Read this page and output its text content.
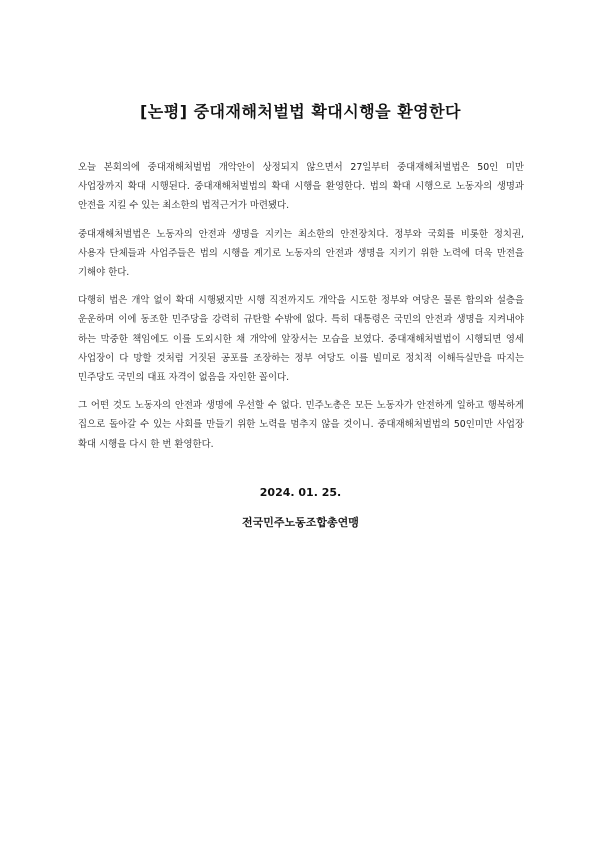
[논평] 중대재해처벌법 확대시행을 환영한다

오늘 본회의에 중대재해처벌법 개악안이 상정되지 않으면서 27일부터 중대재해처벌법은 50인 미만 사업장까지 확대 시행된다. 중대재해처벌법의 확대 시행을 환영한다. 법의 확대 시행으로 노동자의 생명과 안전을 지킬 수 있는 최소한의 법적근거가 마련됐다.

중대재해처벌법은 노동자의 안전과 생명을 지키는 최소한의 안전장치다. 정부와 국회를 비롯한 정치권, 사용자 단체들과 사업주들은 법의 시행을 계기로 노동자의 안전과 생명을 지키기 위한 노력에 더욱 만전을 기해야 한다.

다행히 법은 개악 없이 확대 시행됐지만 시행 직전까지도 개악을 시도한 정부와 여당은 물론 합의와 설층을 운운하며 이에 동조한 민주당을 강력히 규탄할 수밖에 없다. 특히 대통령은 국민의 안전과 생명을 지켜내야 하는 막중한 책임에도 이를 도외시한 채 개악에 앞장서는 모습을 보였다. 중대재해처벌법이 시행되면 영세 사업장이 다 망할 것처럼 거짓된 공포를 조장하는 정부 여당도 이를 빌미로 정치적 이해득실만을 따지는 민주당도 국민의 대표 자격이 없음을 자인한 꼴이다.

그 어떤 것도 노동자의 안전과 생명에 우선할 수 없다. 민주노총은 모든 노동자가 안전하게 일하고 행복하게 집으로 돌아갈 수 있는 사회를 만들기 위한 노력을 멈추지 않을 것이니. 중대재해처벌법의 50인미만 사업장 확대 시행을 다시 한 번 환영한다.

2024. 01. 25.

전국민주노동조합총연맹
